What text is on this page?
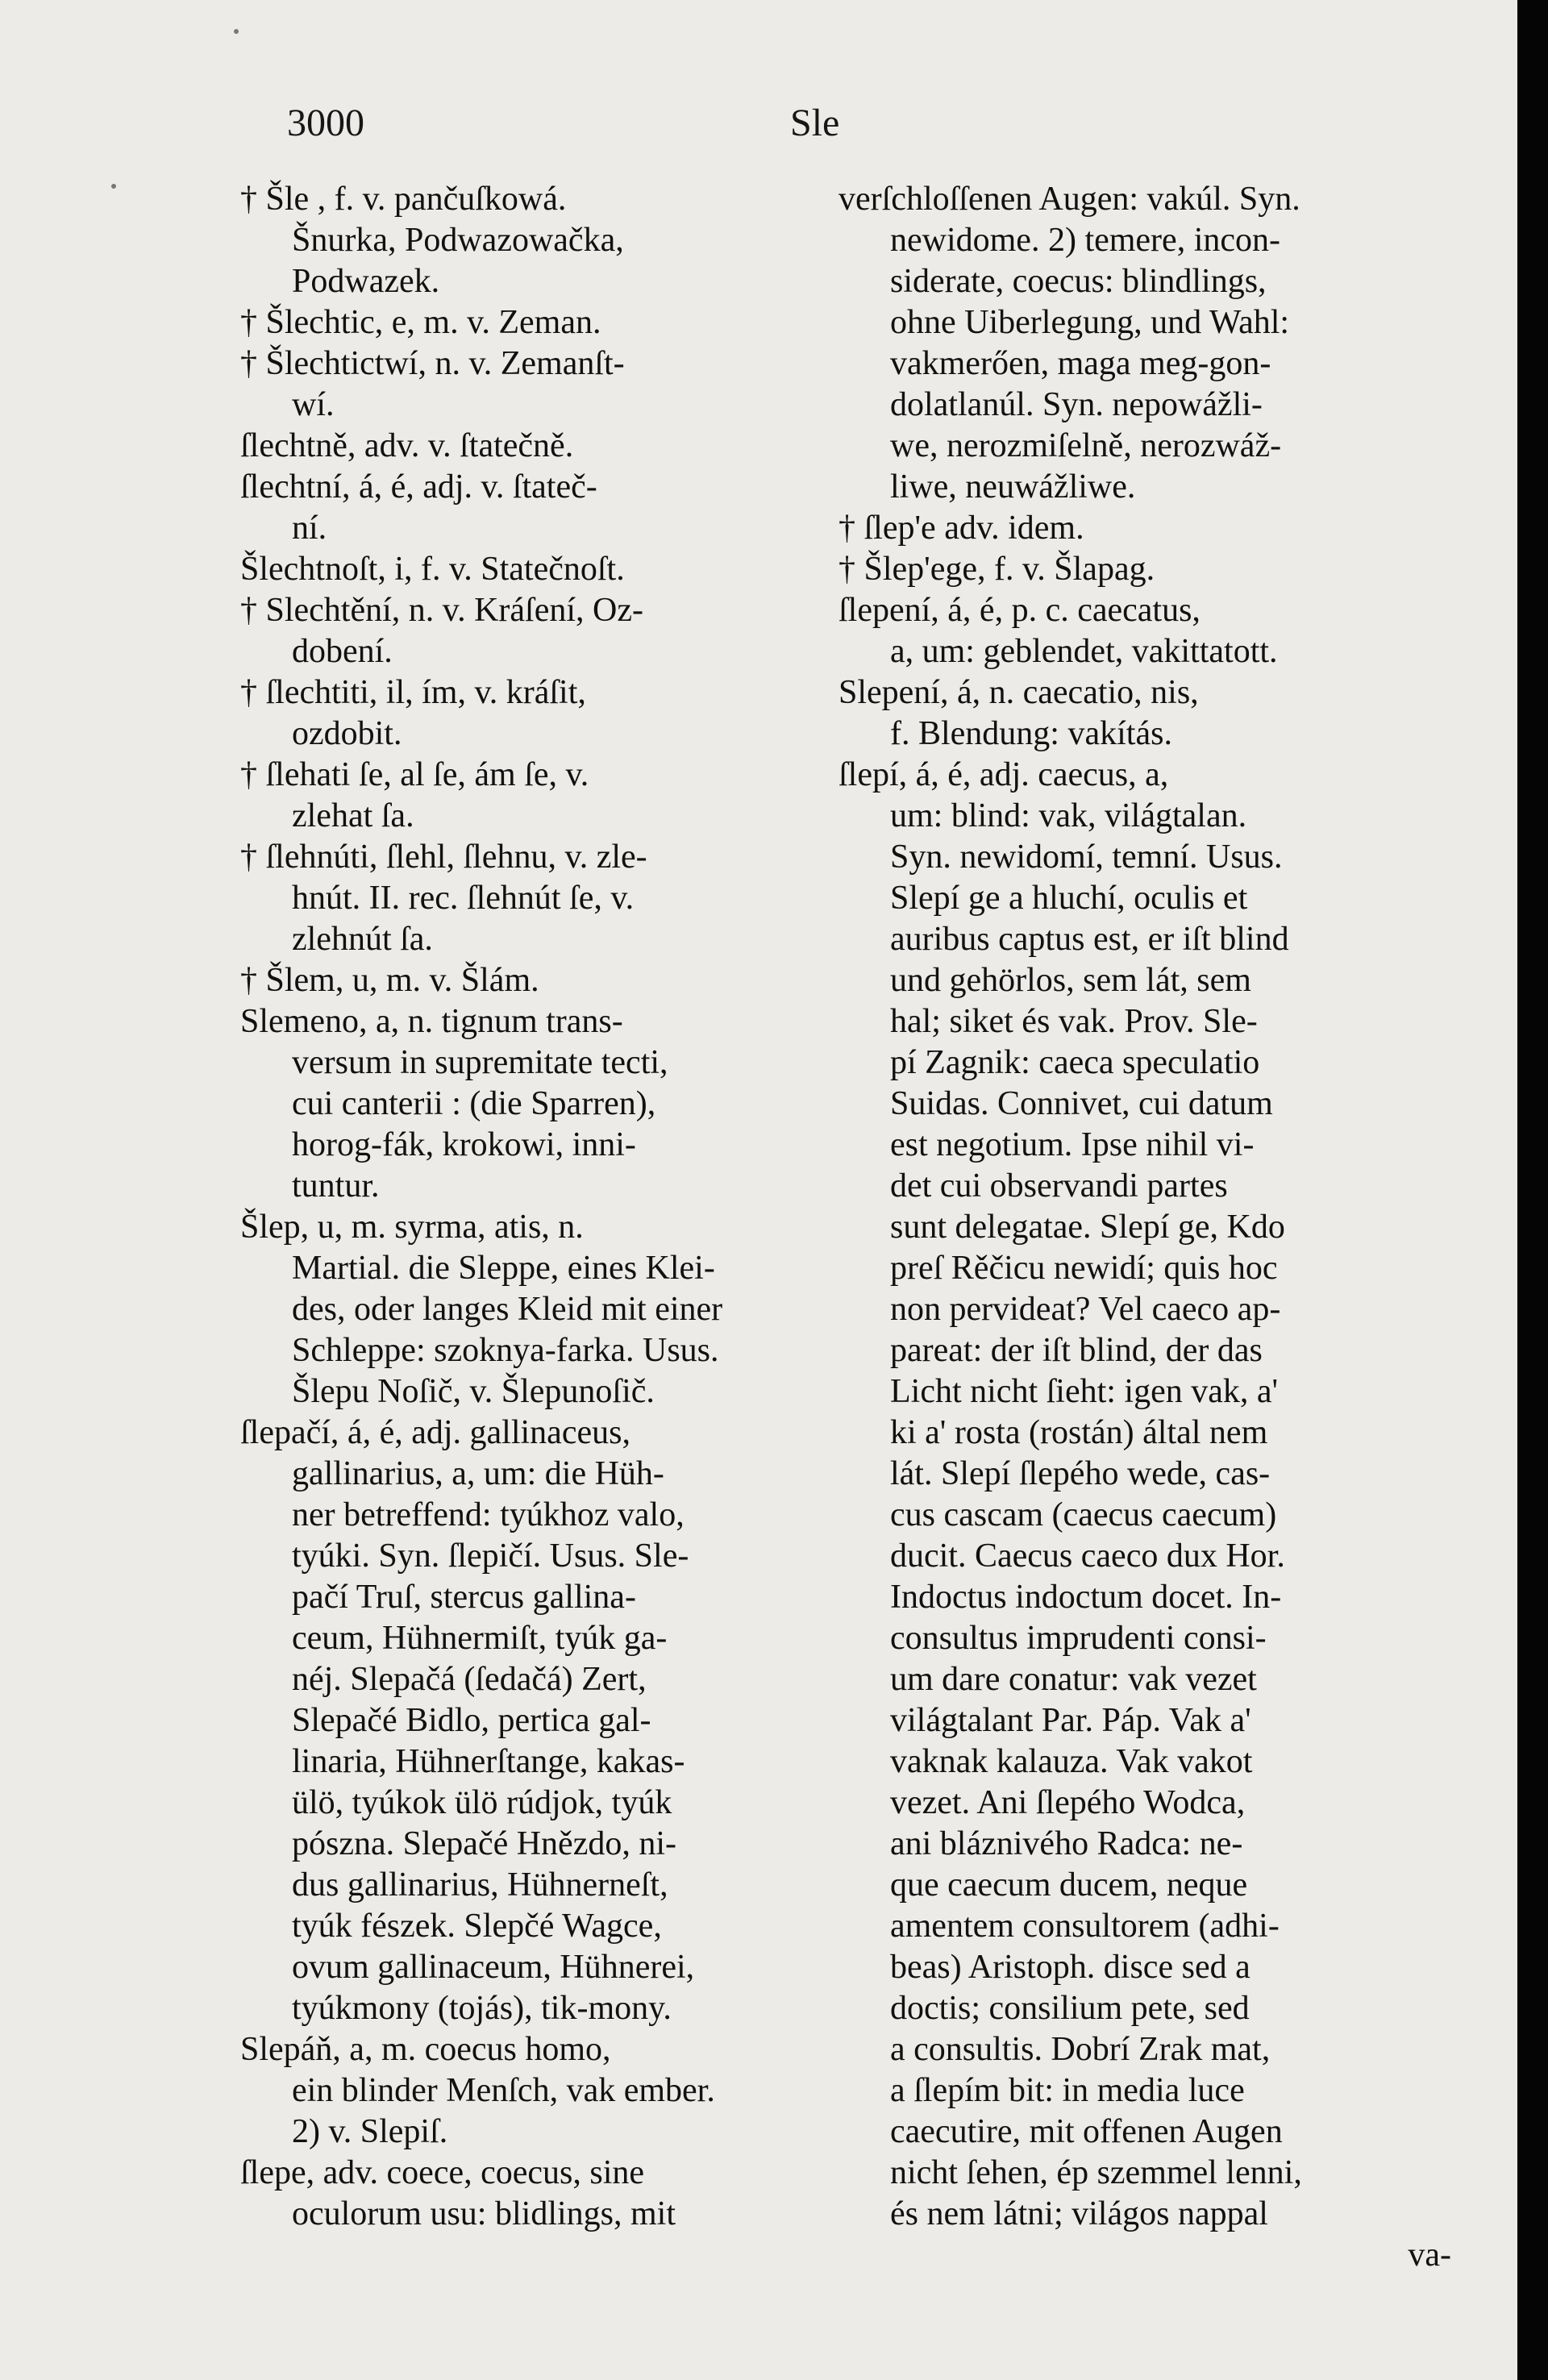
3000	Sle
† Šle , f. v. pančuſkowá.
Šnurka, Podwazowačka,
Podwazek.
† Šlechtic, e, m. v. Zeman.
† Šlechtictwí, n. v. Zemanſt-
wí.
ſlechtně, adv. v. ſtatečně.
ſlechtní, á, é, adj. v. ſtateč-
ní.
Šlechtnoſt, i, f. v. Statečnoſt.
† Slechtění, n. v. Kráſení, Oz-
dobení.
† ſlechtiti, il, ím, v. kráſit,
ozdobit.
† ſlehati ſe, al ſe, ám ſe, v.
zlehat ſa.
† ſlehnúti, ſlehl, ſlehnu, v. zle-
hnút. II. rec. ſlehnút ſe, v.
zlehnút ſa.
† Šlem, u, m. v. Šlám.
Slemeno, a, n. tignum trans-
versum in supremitate tecti,
cui canterii : (die Sparren),
horog-fák, krokowi, inni-
tuntur.
Šlep, u, m. syrma, atis, n.
Martial. die Sleppe, eines Klei-
des, oder langes Kleid mit einer
Schleppe: szoknya-farka. Usus.
Šlepu Noſič, v. Šlepunoſič.
ſlepačí, á, é, adj. gallinaceus,
gallinarius, a, um: die Hüh-
ner betreffend: tyúkhoz valo,
tyúki. Syn. ſlepičí. Usus. Sle-
pačí Truſ, stercus gallina-
ceum, Hühnermiſt, tyúk ga-
néj. Slepačá (ſedačá) Zert,
Slepačé Bidlo, pertica gal-
linaria, Hühnerſtange, kakas-
ülö, tyúkok ülö rúdjok, tyúk
pószna. Slepačé Hnězdo, ni-
dus gallinarius, Hühnerneſt,
tyúk fészek. Slepčé Wagce,
ovum gallinaceum, Hühnerei,
tyúkmony (tojás), tik-mony.
Slepáň, a, m. coecus homo,
ein blinder Menſch, vak ember.
2) v. Slepiſ.
ſlepe, adv. coece, coecus, sine
oculorum usu: blidlings, mit
verſchloſſenen Augen: vakúl. Syn.
newidome. 2) temere, incon-
siderate, coecus: blindlings,
ohne Uiberlegung, und Wahl:
vakmerően, maga meg-gon-
dolatlanúl. Syn. nepowážli-
we, nerozmiſelně, nerozwáž-
liwe, neuwážliwe.
† ſlep'e adv. idem.
† Šlep'ege, f. v. Šlapag.
ſlepení, á, é, p. c. caecatus,
a, um: geblendet, vakittatott.
Slepení, á, n. caecatio, nis,
f. Blendung: vakítás.
ſlepí, á, é, adj. caecus, a,
um: blind: vak, világtalan.
Syn. newidomí, temní. Usus.
Slepí ge a hluchí, oculis et
auribus captus est, er iſt blind
und gehörlos, sem lát, sem
hal; siket és vak. Prov. Sle-
pí Zagnik: caeca speculatio
Suidas. Connivet, cui datum
est negotium. Ipse nihil vi-
det cui observandi partes
sunt delegatae. Slepí ge, Kdo
preſ Rěčicu newidí; quis hoc
non pervideat? Vel caeco ap-
pareat: der iſt blind, der das
Licht nicht ſieht: igen vak, a'
ki a' rosta (rostán) által nem
lát. Slepí ſlepého wede, cas-
cus cascam (caecus caecum)
ducit. Caecus caeco dux Hor.
Indoctus indoctum docet. In-
consultus imprudenti consi-
um dare conatur: vak vezet
világtalant Par. Páp. Vak a'
vaknak kalauza. Vak vakot
vezet. Ani ſlepého Wodca,
ani bláznivého Radca: ne-
que caecum ducem, neque
amentem consultorem (adhi-
beas) Aristoph. disce sed a
doctis; consilium pete, sed
a consultis. Dobrí Zrak mat,
a ſlepím bit: in media luce
caecutire, mit offenen Augen
nicht ſehen, ép szemmel lenni,
és nem látni; világos nappal
va-
